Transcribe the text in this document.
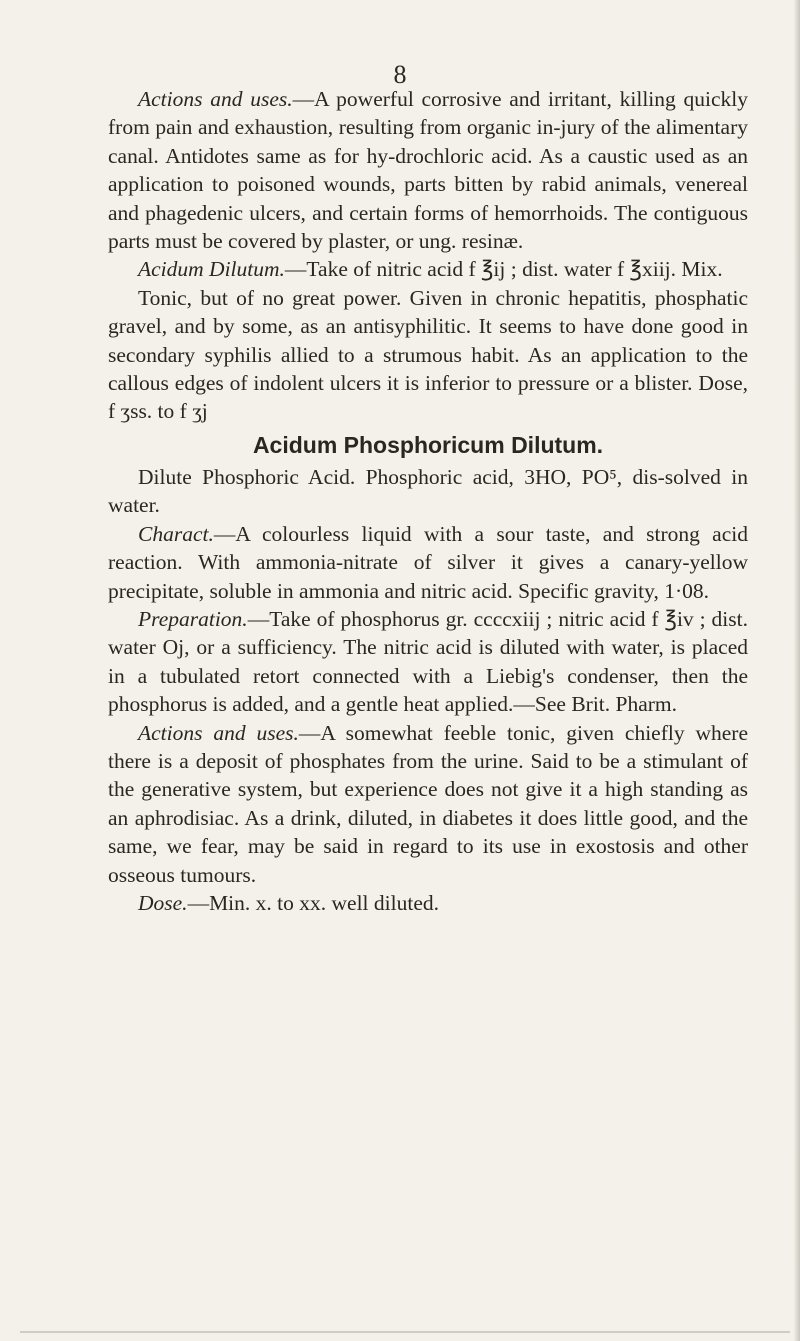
8

Actions and uses.—A powerful corrosive and irritant, killing quickly from pain and exhaustion, resulting from organic in-jury of the alimentary canal. Antidotes same as for hy-drochloric acid. As a caustic used as an application to poisoned wounds, parts bitten by rabid animals, venereal and phagedenic ulcers, and certain forms of hemorrhoids. The contiguous parts must be covered by plaster, or ung. resinæ.

Acidum Dilutum.—Take of nitric acid f ℥ij ; dist. water f ℥xiij. Mix.

Tonic, but of no great power. Given in chronic hepatitis, phosphatic gravel, and by some, as an antisyphilitic. It seems to have done good in secondary syphilis allied to a strumous habit. As an application to the callous edges of indolent ulcers it is inferior to pressure or a blister. Dose, f ʒss. to f ʒj

Acidum Phosphoricum Dilutum.

Dilute Phosphoric Acid. Phosphoric acid, 3HO, PO⁵, dis-solved in water.

Charact.—A colourless liquid with a sour taste, and strong acid reaction. With ammonia-nitrate of silver it gives a canary-yellow precipitate, soluble in ammonia and nitric acid. Specific gravity, 1·08.

Preparation.—Take of phosphorus gr. ccccxiij ; nitric acid f ℥iv ; dist. water Oj, or a sufficiency. The nitric acid is diluted with water, is placed in a tubulated retort connected with a Liebig's condenser, then the phosphorus is added, and a gentle heat applied.—See Brit. Pharm.

Actions and uses.—A somewhat feeble tonic, given chiefly where there is a deposit of phosphates from the urine. Said to be a stimulant of the generative system, but experience does not give it a high standing as an aphrodisiac. As a drink, diluted, in diabetes it does little good, and the same, we fear, may be said in regard to its use in exostosis and other osseous tumours.

Dose.—Min. x. to xx. well diluted.
